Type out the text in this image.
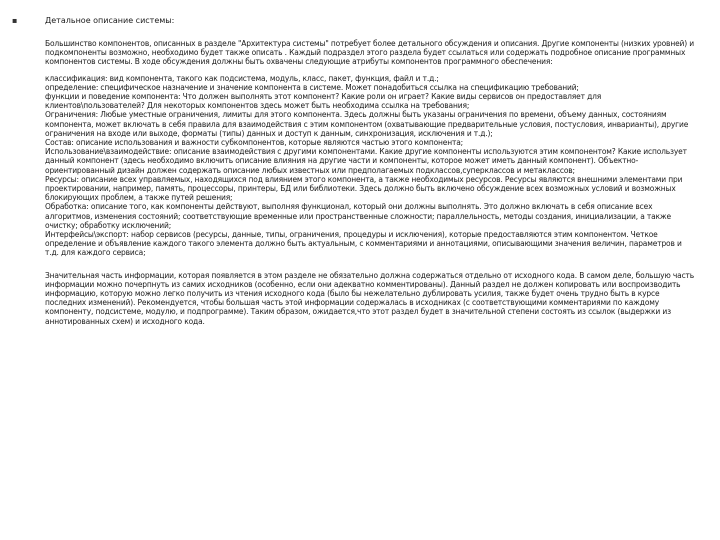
▪	Детальное описание системы:

Большинство компонентов, описанных в разделе "Архитектура системы" потребует более детального обсуждения и описания. Другие компоненты (низких уровней) и подкомпоненты возможно, необходимо будет также описать . Каждый подраздел этого раздела будет ссылаться или содержать подробное описание программных компонентов системы. В ходе обсуждения должны быть охвачены следующие атрибуты компонентов программного обеспечения:

классификация: вид компонента, такого как подсистема, модуль, класс, пакет, функция, файл и т.д.;

определение: специфическое назначение и значение компонента в системе. Может понадобиться ссылка на спецификацию требований;

функции и поведение компонента: Что должен выполнять этот компонент? Какие роли он играет? Какие виды сервисов он предоставляет для клиентов\пользователей? Для некоторых компонентов здесь может быть необходима ссылка на требования;

Ограничения: Любые уместные ограничения, лимиты для этого компонента. Здесь должны быть указаны ограничения по времени, объему данных, состояниям компонента, может включать в себя правила для взаимодействия с этим компонентом (охватывающие предварительные условия, постусловия, инварианты), другие ограничения на входе или выходе, форматы (типы) данных и доступ к данным, синхронизация, исключения и т.д.);

Состав: описание использования и важности субкомпонентов, которые являются частью этого компонента;

Использование\взаимодействие: описание взаимодействия с другими компонентами. Какие другие компоненты используются этим компонентом? Какие использует данный компонент (здесь необходимо включить описание влияния на другие части и компоненты, которое может иметь данный компонент). Объектно-ориентированный дизайн должен содержать описание любых известных или предполагаемых подклассов,суперклассов и метаклассов;

Ресурсы: описание всех управляемых, находящихся под влиянием этого компонента, а также необходимых ресурсов. Ресурсы являются внешними элементами при проектировании, например, память, процессоры, принтеры, БД или библиотеки. Здесь должно быть включено обсуждение всех возможных условий и возможных блокирующих проблем, а также путей решения;

Обработка: описание того, как компоненты действуют, выполняя функционал, который они должны выполнять. Это должно включать в себя описание всех алгоритмов, изменения состояний; соответствующие временные или пространственные сложности; параллельность, методы создания, инициализации, а также очистку; обработку исключений;

Интерфейсы\экспорт: набор сервисов (ресурсы, данные, типы, ограничения, процедуры и исключения), которые предоставляются этим компонентом. Четкое определение и объявление каждого такого элемента должно быть актуальным, с комментариями и аннотациями, описывающими значения величин, параметров и т.д. для каждого сервиса;

Значительная часть информации, которая появляется в этом разделе не обязательно должна содержаться отдельно от исходного кода. В самом деле, большую часть информации можно почерпнуть из самих исходников (особенно, если они адекватно комментированы). Данный раздел не должен копировать или воспроизводить информацию, которую можно легко получить из чтения исходного кода (было бы нежелательно дублировать усилия, также будет очень трудно быть в курсе последних изменений). Рекомендуется, чтобы большая часть этой информации содержалась в исходниках (с соответствующими комментариями по каждому компоненту, подсистеме, модулю, и подпрограмме). Таким образом, ожидается,что этот раздел будет в значительной степени состоять из ссылок (выдержки из аннотированных схем) и исходного кода.
